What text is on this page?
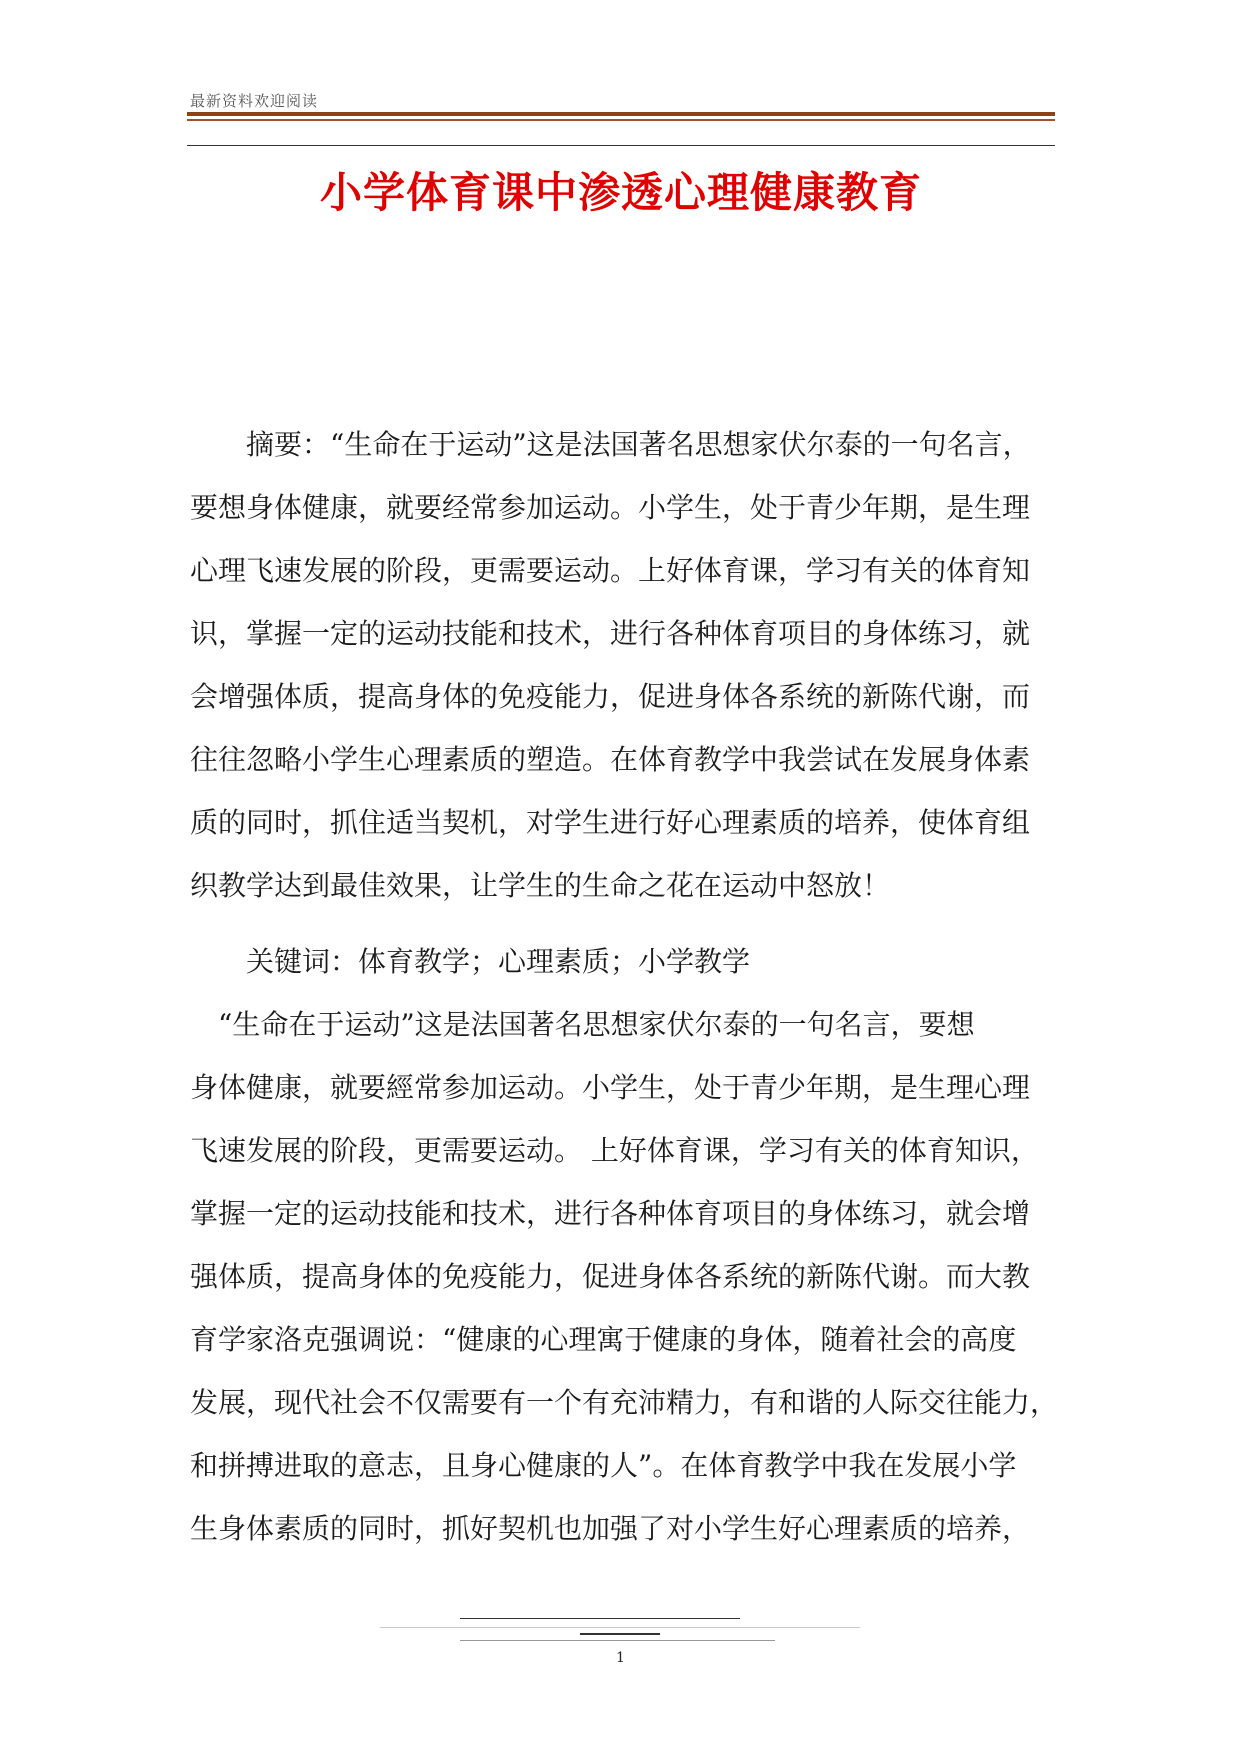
最新资料欢迎阅读
小学体育课中渗透心理健康教育
摘要：“生命在于运动”这是法国著名思想家伏尔泰的一句名言，
要想身体健康，就要经常参加运动。小学生，处于青少年期，是生理
心理飞速发展的阶段，更需要运动。上好体育课，学习有关的体育知
识，掌握一定的运动技能和技术，进行各种体育项目的身体练习，就
会增强体质，提高身体的免疫能力，促进身体各系统的新陈代谢，而
往往忽略小学生心理素质的塑造。在体育教学中我尝试在发展身体素
质的同时，抓住适当契机，对学生进行好心理素质的培养，使体育组
织教学达到最佳效果，让学生的生命之花在运动中怒放！
关键词：体育教学；心理素质；小学教学
“生命在于运动”这是法国著名思想家伏尔泰的一句名言，要想
身体健康，就要經常参加运动。小学生，处于青少年期，是生理心理
飞速发展的阶段，更需要运动。 上好体育课，学习有关的体育知识，
掌握一定的运动技能和技术，进行各种体育项目的身体练习，就会增
强体质，提高身体的免疫能力，促进身体各系统的新陈代谢。而大教
育学家洛克强调说：“健康的心理寓于健康的身体，随着社会的高度
发展，现代社会不仅需要有一个有充沛精力，有和谐的人际交往能力，
和拼搏进取的意志，且身心健康的人”。在体育教学中我在发展小学
生身体素质的同时，抓好契机也加强了对小学生好心理素质的培养，
1
